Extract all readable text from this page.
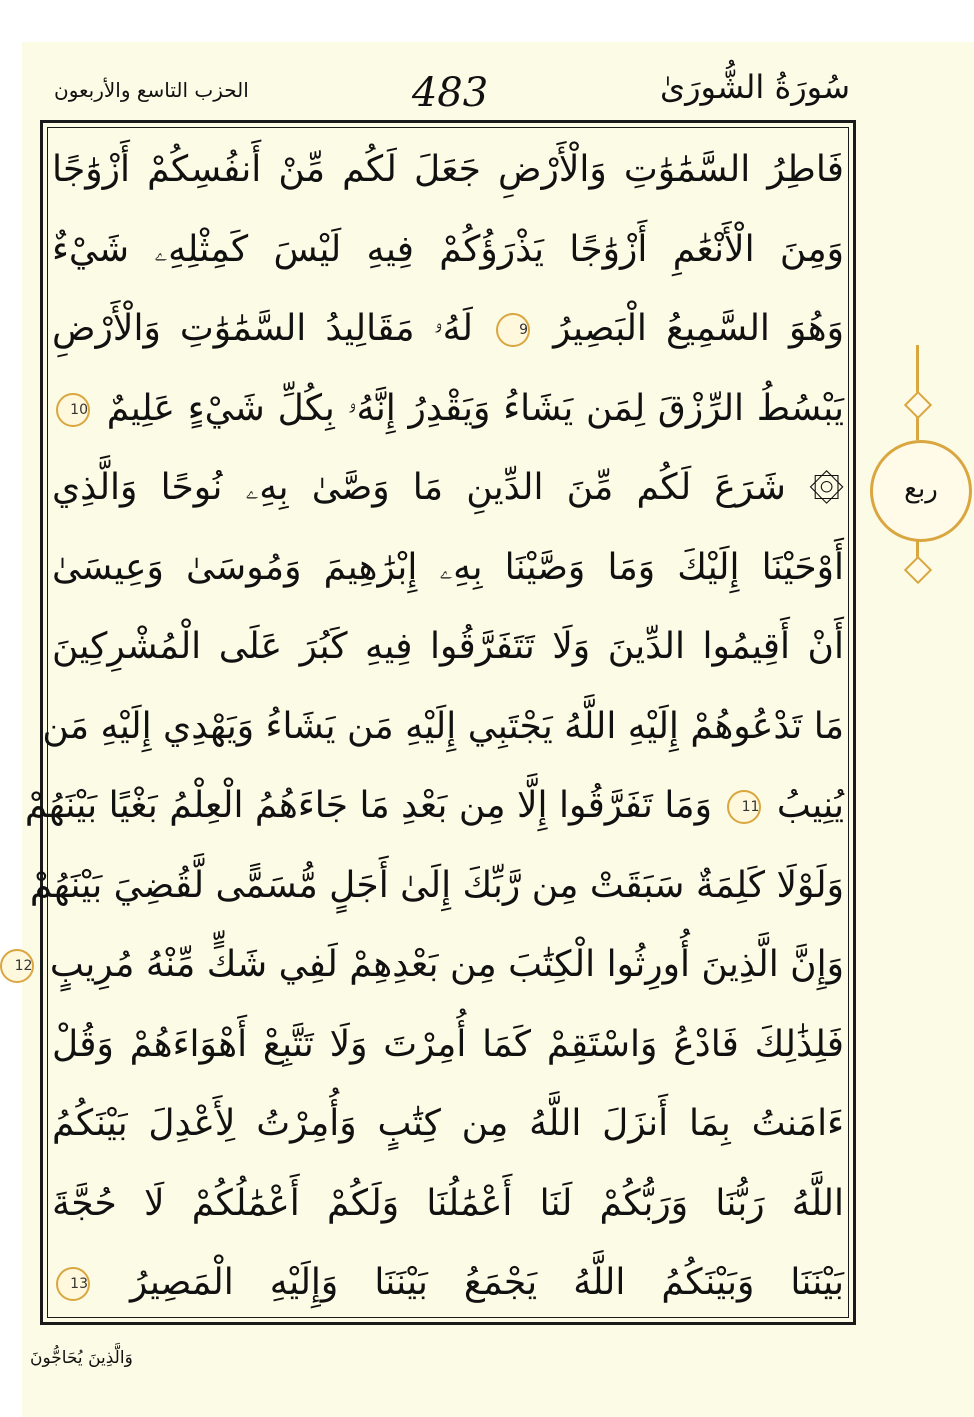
سُورَةُ الشُّورَىٰ
483
الحزب التاسع والأربعون
فَاطِرُ السَّمَٰوَٰتِ وَالْأَرْضِ جَعَلَ لَكُم مِّنْ أَنفُسِكُمْ أَزْوَٰجًا
وَمِنَ الْأَنْعَٰمِ أَزْوَٰجًا يَذْرَؤُكُمْ فِيهِ لَيْسَ كَمِثْلِهِۦ شَيْءٌ
وَهُوَ السَّمِيعُ الْبَصِيرُ 9 لَهُۥ مَقَالِيدُ السَّمَٰوَٰتِ وَالْأَرْضِ
يَبْسُطُ الرِّزْقَ لِمَن يَشَاءُ وَيَقْدِرُ إِنَّهُۥ بِكُلِّ شَيْءٍ عَلِيمٌ 10
۞ شَرَعَ لَكُم مِّنَ الدِّينِ مَا وَصَّىٰ بِهِۦ نُوحًا وَالَّذِي
أَوْحَيْنَا إِلَيْكَ وَمَا وَصَّيْنَا بِهِۦ إِبْرَٰهِيمَ وَمُوسَىٰ وَعِيسَىٰ
أَنْ أَقِيمُوا الدِّينَ وَلَا تَتَفَرَّقُوا فِيهِ كَبُرَ عَلَى الْمُشْرِكِينَ
مَا تَدْعُوهُمْ إِلَيْهِ اللَّهُ يَجْتَبِي إِلَيْهِ مَن يَشَاءُ وَيَهْدِي إِلَيْهِ مَن
يُنِيبُ 11 وَمَا تَفَرَّقُوا إِلَّا مِن بَعْدِ مَا جَاءَهُمُ الْعِلْمُ بَغْيًا بَيْنَهُمْ
وَلَوْلَا كَلِمَةٌ سَبَقَتْ مِن رَّبِّكَ إِلَىٰ أَجَلٍ مُّسَمًّى لَّقُضِيَ بَيْنَهُمْ
وَإِنَّ الَّذِينَ أُورِثُوا الْكِتَٰبَ مِن بَعْدِهِمْ لَفِي شَكٍّ مِّنْهُ مُرِيبٍ 12
فَلِذَٰلِكَ فَادْعُ وَاسْتَقِمْ كَمَا أُمِرْتَ وَلَا تَتَّبِعْ أَهْوَاءَهُمْ وَقُلْ
ءَامَنتُ بِمَا أَنزَلَ اللَّهُ مِن كِتَٰبٍ وَأُمِرْتُ لِأَعْدِلَ بَيْنَكُمُ
اللَّهُ رَبُّنَا وَرَبُّكُمْ لَنَا أَعْمَٰلُنَا وَلَكُمْ أَعْمَٰلُكُمْ لَا حُجَّةَ
بَيْنَنَا وَبَيْنَكُمُ اللَّهُ يَجْمَعُ بَيْنَنَا وَإِلَيْهِ الْمَصِيرُ 13
ربع
وَالَّذِينَ يُحَاجُّونَ
